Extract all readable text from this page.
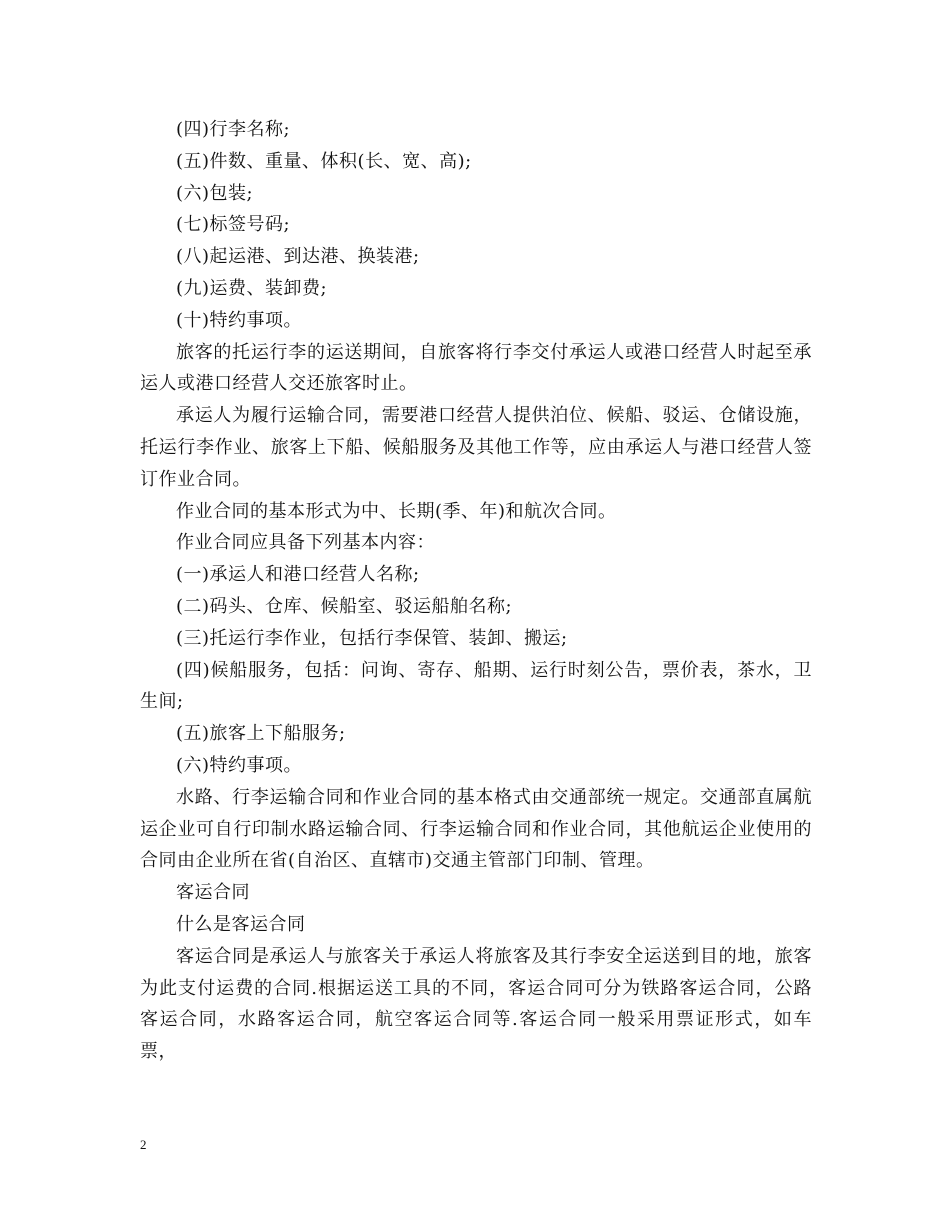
(四)行李名称;

(五)件数、重量、体积(长、宽、高);

(六)包装;

(七)标签号码;

(八)起运港、到达港、换装港;

(九)运费、装卸费;

(十)特约事项。

旅客的托运行李的运送期间，自旅客将行李交付承运人或港口经营人时起至承运人或港口经营人交还旅客时止。

承运人为履行运输合同，需要港口经营人提供泊位、候船、驳运、仓储设施，托运行李作业、旅客上下船、候船服务及其他工作等，应由承运人与港口经营人签订作业合同。

作业合同的基本形式为中、长期(季、年)和航次合同。

作业合同应具备下列基本内容：

(一)承运人和港口经营人名称;

(二)码头、仓库、候船室、驳运船舶名称;

(三)托运行李作业，包括行李保管、装卸、搬运;

(四)候船服务，包括：问询、寄存、船期、运行时刻公告，票价表，茶水，卫生间;

(五)旅客上下船服务;

(六)特约事项。

水路、行李运输合同和作业合同的基本格式由交通部统一规定。交通部直属航运企业可自行印制水路运输合同、行李运输合同和作业合同，其他航运企业使用的合同由企业所在省(自治区、直辖市)交通主管部门印制、管理。

客运合同

什么是客运合同

客运合同是承运人与旅客关于承运人将旅客及其行李安全运送到目的地，旅客为此支付运费的合同.根据运送工具的不同，客运合同可分为铁路客运合同，公路客运合同，水路客运合同，航空客运合同等.客运合同一般采用票证形式，如车票，

2
